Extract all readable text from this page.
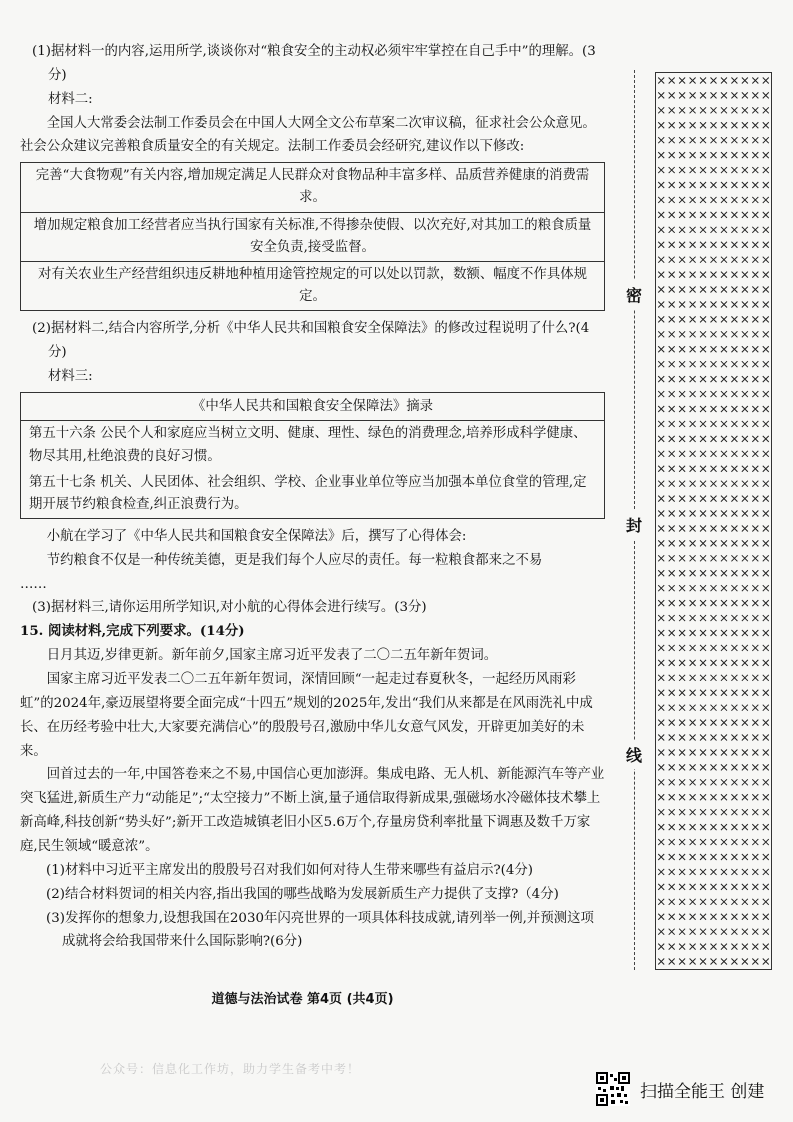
(1)据材料一的内容,运用所学,谈谈你对“粮食安全的主动权必须牢牢掌控在自己手中”的理解。(3分)

材料二:

全国人大常委会法制工作委员会在中国人大网全文公布草案二次审议稿，征求社会公众意见。社会公众建议完善粮食质量安全的有关规定。法制工作委员会经研究,建议作以下修改:

完善“大食物观”有关内容,增加规定满足人民群众对食物品种丰富多样、品质营养健康的消费需求。
增加规定粮食加工经营者应当执行国家有关标准,不得掺杂使假、以次充好,对其加工的粮食质量安全负责,接受监督。
对有关农业生产经营组织违反耕地种植用途管控规定的可以处以罚款，数额、幅度不作具体规定。

(2)据材料二,结合内容所学,分析《中华人民共和国粮食安全保障法》的修改过程说明了什么?(4分)

材料三:

《中华人民共和国粮食安全保障法》摘录
第五十六条 公民个人和家庭应当树立文明、健康、理性、绿色的消费理念,培养形成科学健康、物尽其用,杜绝浪费的良好习惯。
第五十七条 机关、人民团体、社会组织、学校、企业事业单位等应当加强本单位食堂的管理,定期开展节约粮食检查,纠正浪费行为。

小航在学习了《中华人民共和国粮食安全保障法》后，撰写了心得体会:

节约粮食不仅是一种传统美德，更是我们每个人应尽的责任。每一粒粮食都来之不易

……

(3)据材料三,请你运用所学知识,对小航的心得体会进行续写。(3分)

15. 阅读材料,完成下列要求。(14分)

日月其迈,岁律更新。新年前夕,国家主席习近平发表了二〇二五年新年贺词。

国家主席习近平发表二〇二五年新年贺词，深情回顾“一起走过春夏秋冬，一起经历风雨彩虹”的2024年,豪迈展望将要全面完成“十四五”规划的2025年,发出“我们从来都是在风雨洗礼中成长、在历经考验中壮大,大家要充满信心”的殷殷号召,激励中华儿女意气风发，开辟更加美好的未来。

回首过去的一年,中国答卷来之不易,中国信心更加澎湃。集成电路、无人机、新能源汽车等产业突飞猛进,新质生产力“动能足”;“太空接力”不断上演,量子通信取得新成果,强磁场水冷磁体技术攀上新高峰,科技创新“势头好”;新开工改造城镇老旧小区5.6万个,存量房贷利率批量下调惠及数千万家庭,民生领域“暖意浓”。

(1)材料中习近平主席发出的殷殷号召对我们如何对待人生带来哪些有益启示?(4分)

(2)结合材料贺词的相关内容,指出我国的哪些战略为发展新质生产力提供了支撑?（4分)

(3)发挥你的想象力,设想我国在2030年闪亮世界的一项具体科技成就,请列举一例,并预测这项成就将会给我国带来什么国际影响?(6分)

道德与法治试卷 第4页 (共4页)
密
封
线
公众号：信息化工作坊，助力学生备考中考！
扫描全能王 创建
